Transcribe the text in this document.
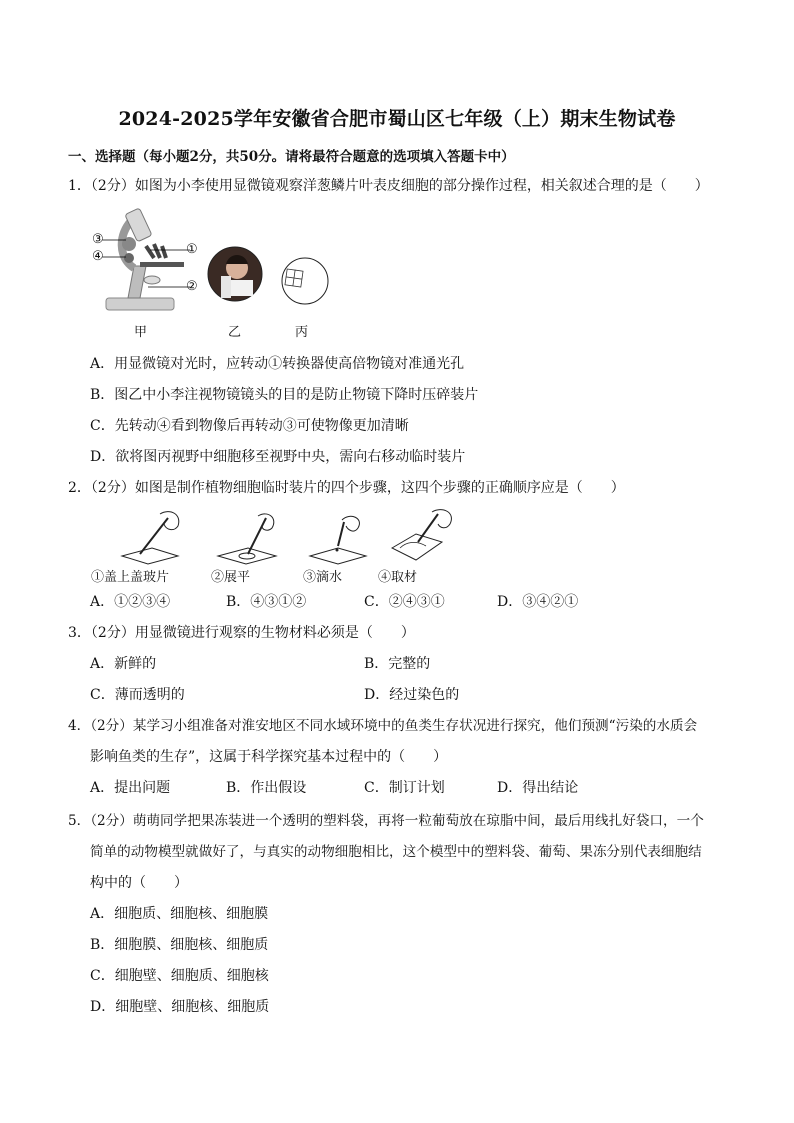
2024-2025学年安徽省合肥市蜀山区七年级（上）期末生物试卷
一、选择题（每小题2分，共50分。请将最符合题意的选项填入答题卡中）
1．（2分）如图为小李使用显微镜观察洋葱鳞片叶表皮细胞的部分操作过程，相关叙述合理的是（　　）
③
④	①
②
甲	乙	丙
A．用显微镜对光时，应转动①转换器使高倍物镜对准通光孔
B．图乙中小李注视物镜镜头的目的是防止物镜下降时压碎装片
C．先转动④看到物像后再转动③可使物像更加清晰
D．欲将图丙视野中细胞移至视野中央，需向右移动临时装片
2．（2分）如图是制作植物细胞临时装片的四个步骤，这四个步骤的正确顺序应是（　　）
①盖上盖玻片	②展平	③滴水	④取材
A．①②③④	B．④③①②	C．②④③①	D．③④②①
3．（2分）用显微镜进行观察的生物材料必须是（　　）
A．新鲜的	B．完整的
C．薄而透明的	D．经过染色的
4．（2分）某学习小组准备对淮安地区不同水域环境中的鱼类生存状况进行探究，他们预测“污染的水质会
影响鱼类的生存”，这属于科学探究基本过程中的（　　）
A．提出问题	B．作出假设	C．制订计划	D．得出结论
5．（2分）萌萌同学把果冻装进一个透明的塑料袋，再将一粒葡萄放在琼脂中间，最后用线扎好袋口，一个
简单的动物模型就做好了，与真实的动物细胞相比，这个模型中的塑料袋、葡萄、果冻分别代表细胞结
构中的（　　）
A．细胞质、细胞核、细胞膜
B．细胞膜、细胞核、细胞质
C．细胞壁、细胞质、细胞核
D．细胞壁、细胞核、细胞质
